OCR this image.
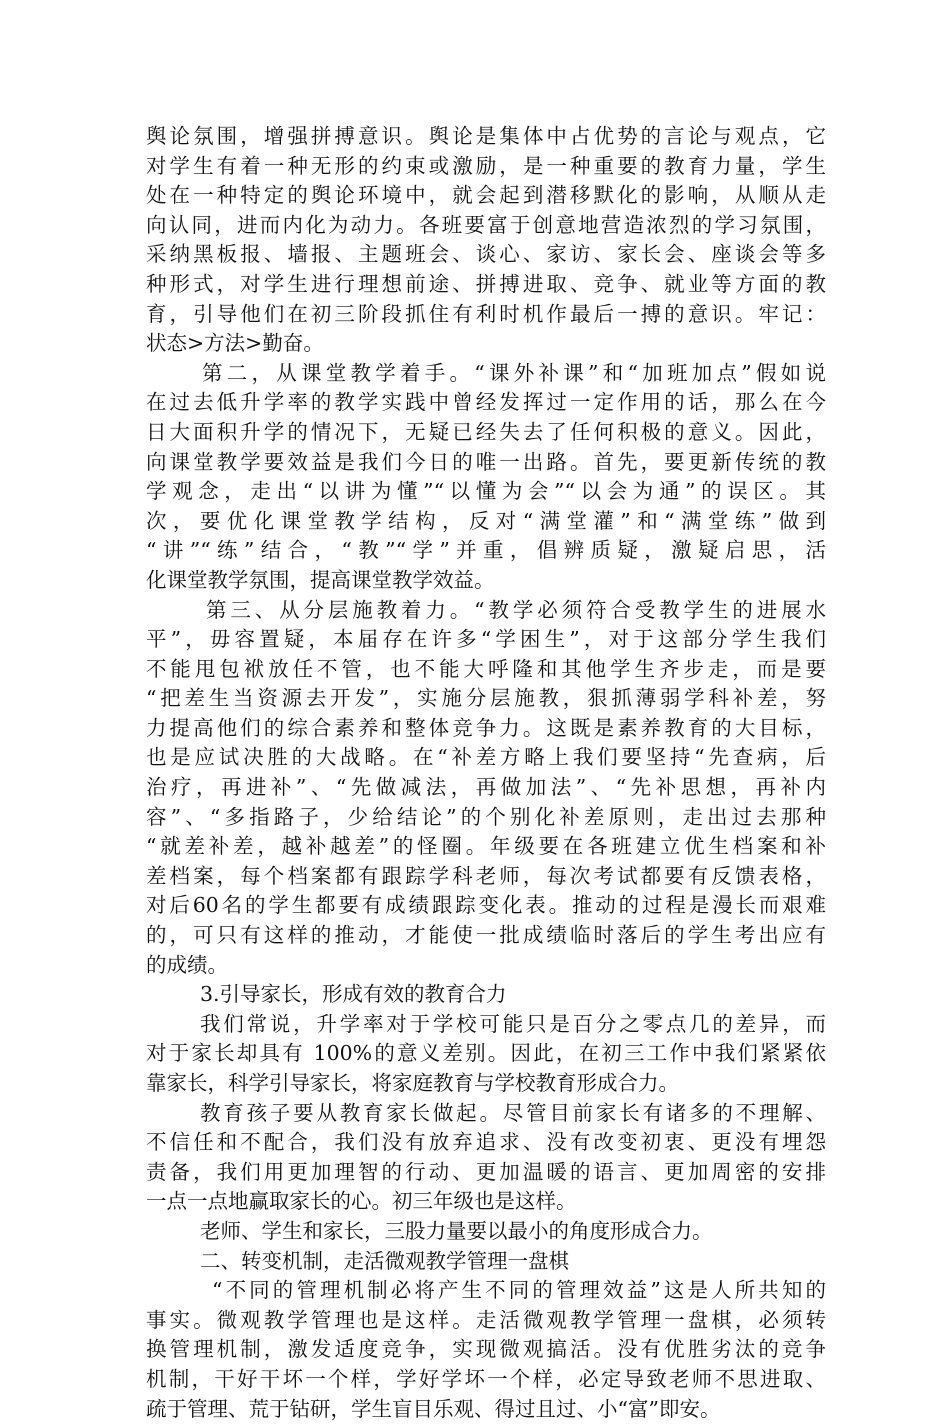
舆论氛围，增强拼搏意识。舆论是集体中占优势的言论与观点，它
对学生有着一种无形的约束或激励，是一种重要的教育力量，学生
处在一种特定的舆论环境中，就会起到潜移默化的影响，从顺从走
向认同，进而内化为动力。各班要富于创意地营造浓烈的学习氛围，
采纳黑板报、墙报、主题班会、谈心、家访、家长会、座谈会等多
种形式，对学生进行理想前途、拼搏进取、竞争、就业等方面的教
育，引导他们在初三阶段抓住有利时机作最后一搏的意识。牢记：
状态>方法>勤奋。

第二，从课堂教学着手。“课外补课”和“加班加点”假如说
在过去低升学率的教学实践中曾经发挥过一定作用的话，那么在今
日大面积升学的情况下，无疑已经失去了任何积极的意义。因此，
向课堂教学要效益是我们今日的唯一出路。首先，要更新传统的教
学观念，走出“以讲为懂”“以懂为会”“以会为通”的误区。其
次，要优化课堂教学结构，反对“满堂灌”和“满堂练”做到
“讲”“练”结合，“教”“学”并重，倡辨质疑，激疑启思，活
化课堂教学氛围，提高课堂教学效益。

第三、从分层施教着力。“教学必须符合受教学生的进展水
平”，毋容置疑，本届存在许多“学困生”，对于这部分学生我们
不能甩包袱放任不管，也不能大呼隆和其他学生齐步走，而是要
“把差生当资源去开发”，实施分层施教，狠抓薄弱学科补差，努
力提高他们的综合素养和整体竞争力。这既是素养教育的大目标，
也是应试决胜的大战略。在“补差方略上我们要坚持“先查病，后
治疗，再进补”、“先做减法，再做加法”、“先补思想，再补内
容”、“多指路子，少给结论”的个别化补差原则，走出过去那种
“就差补差，越补越差”的怪圈。年级要在各班建立优生档案和补
差档案，每个档案都有跟踪学科老师，每次考试都要有反馈表格，
对后60名的学生都要有成绩跟踪变化表。推动的过程是漫长而艰难
的，可只有这样的推动，才能使一批成绩临时落后的学生考出应有
的成绩。

3.引导家长，形成有效的教育合力

我们常说，升学率对于学校可能只是百分之零点几的差异，而
对于家长却具有 100%的意义差别。因此，在初三工作中我们紧紧依
靠家长，科学引导家长，将家庭教育与学校教育形成合力。

教育孩子要从教育家长做起。尽管目前家长有诸多的不理解、
不信任和不配合，我们没有放弃追求、没有改变初衷、更没有埋怨
责备，我们用更加理智的行动、更加温暖的语言、更加周密的安排
一点一点地赢取家长的心。初三年级也是这样。

老师、学生和家长，三股力量要以最小的角度形成合力。

二、转变机制，走活微观教学管理一盘棋

“不同的管理机制必将产生不同的管理效益”这是人所共知的
事实。微观教学管理也是这样。走活微观教学管理一盘棋，必须转
换管理机制，激发适度竞争，实现微观搞活。没有优胜劣汰的竞争
机制，干好干坏一个样，学好学坏一个样，必定导致老师不思进取、
疏于管理、荒于钻研，学生盲目乐观、得过且过、小“富”即安。
